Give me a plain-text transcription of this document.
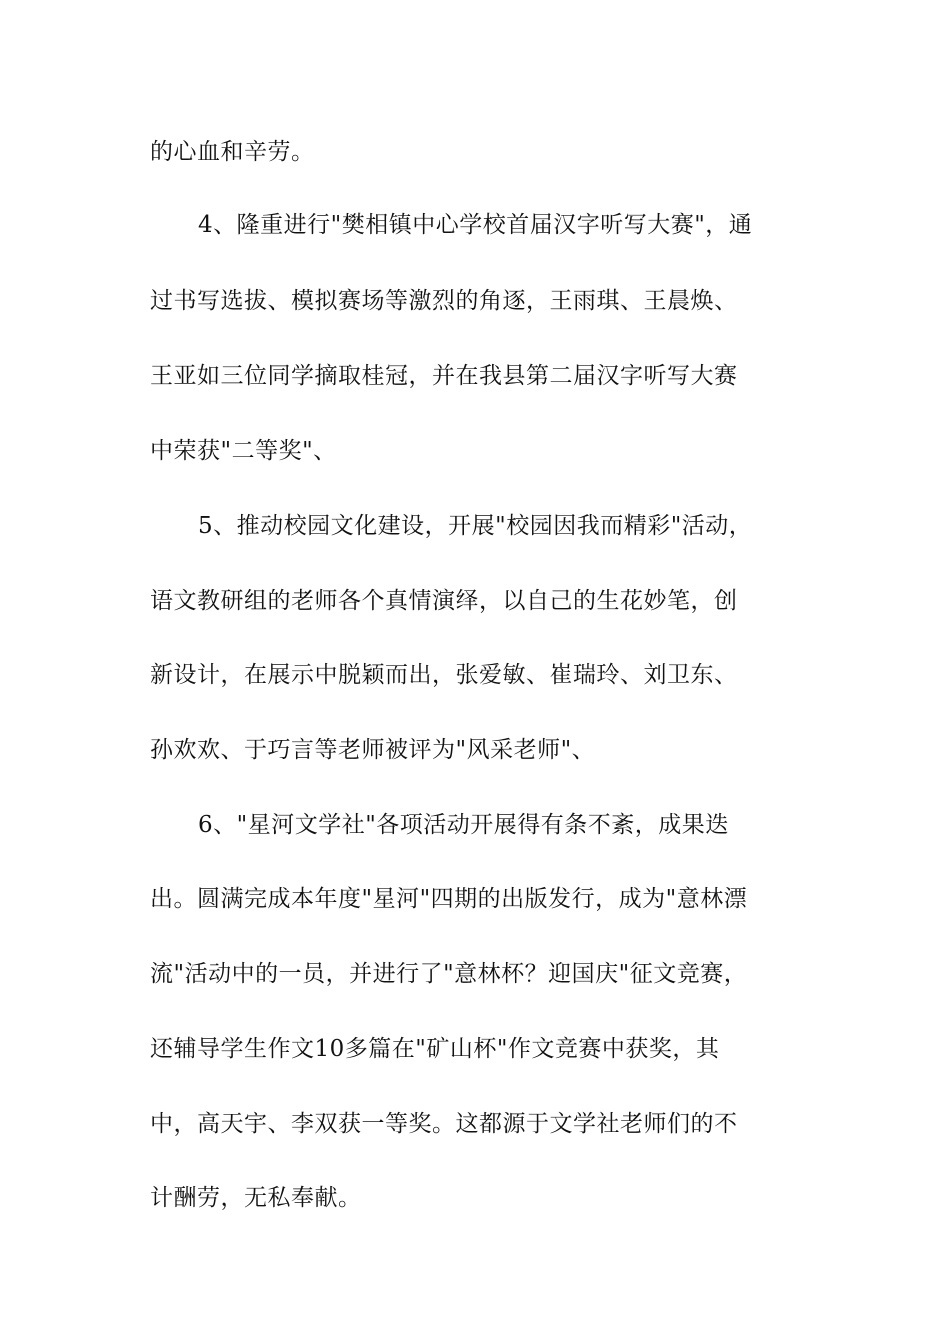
的心血和辛劳。

4、隆重进行"樊相镇中心学校首届汉字听写大赛"，通

过书写选拔、模拟赛场等激烈的角逐，王雨琪、王晨焕、

王亚如三位同学摘取桂冠，并在我县第二届汉字听写大赛

中荣获"二等奖"、

5、推动校园文化建设，开展"校园因我而精彩"活动，

语文教研组的老师各个真情演绎，以自己的生花妙笔，创

新设计，在展示中脱颖而出，张爱敏、崔瑞玲、刘卫东、

孙欢欢、于巧言等老师被评为"风采老师"、

6、"星河文学社"各项活动开展得有条不紊，成果迭

出。圆满完成本年度"星河"四期的出版发行，成为"意林漂

流"活动中的一员，并进行了"意林杯？迎国庆"征文竞赛，

还辅导学生作文10多篇在"矿山杯"作文竞赛中获奖，其

中，高天宇、李双获一等奖。这都源于文学社老师们的不

计酬劳，无私奉献。
